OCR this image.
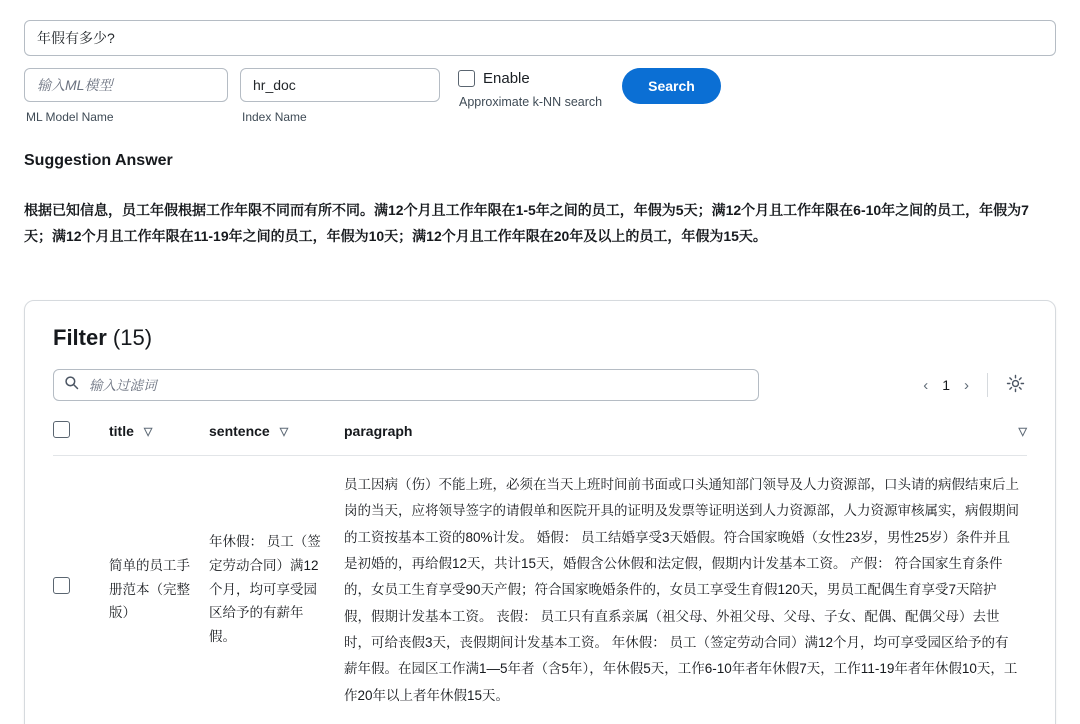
年假有多少?
输入ML模型
ML Model Name
hr_doc	Index Name
Enable
Approximate k-NN search
Search
Suggestion Answer
根据已知信息，员工年假根据工作年限不同而有所不同。满12个月且工作年限在1-5年之间的员工，年假为5天；满12个月且工作年限在6-10年之间的员工，年假为7天；满12个月且工作年限在11-19年之间的员工，年假为10天；满12个月且工作年限在20年及以上的员工，年假为15天。
Filter (15)
输入过滤词
‹ 1 ›

	title ▽	sentence ▽	paragraph ▽

	简单的员工手册范本（完整版）	年休假： 员工（签定劳动合同）满12个月，均可享受园区给予的有薪年假。	员工因病（伤）不能上班，必须在当天上班时间前书面或口头通知部门领导及人力资源部，口头请的病假结束后上岗的当天，应将领导签字的请假单和医院开具的证明及发票等证明送到人力资源部，人力资源审核属实，病假期间的工资按基本工资的80%计发。 婚假： 员工结婚享受3天婚假。符合国家晚婚（女性23岁，男性25岁）条件并且是初婚的，再给假12天，共计15天，婚假含公休假和法定假，假期内计发基本工资。 产假： 符合国家生育条件的，女员工生育享受90天产假；符合国家晚婚条件的，女员工享受生育假120天，男员工配偶生育享受7天陪护假，假期计发基本工资。 丧假： 员工只有直系亲属（祖父母、外祖父母、父母、子女、配偶、配偶父母）去世时，可给丧假3天，丧假期间计发基本工资。 年休假： 员工（签定劳动合同）满12个月，均可享受园区给予的有薪年假。在园区工作满1—5年者（含5年），年休假5天，工作6-10年者年休假7天，工作11-19年者年休假10天，工作20年以上者年休假15天。
